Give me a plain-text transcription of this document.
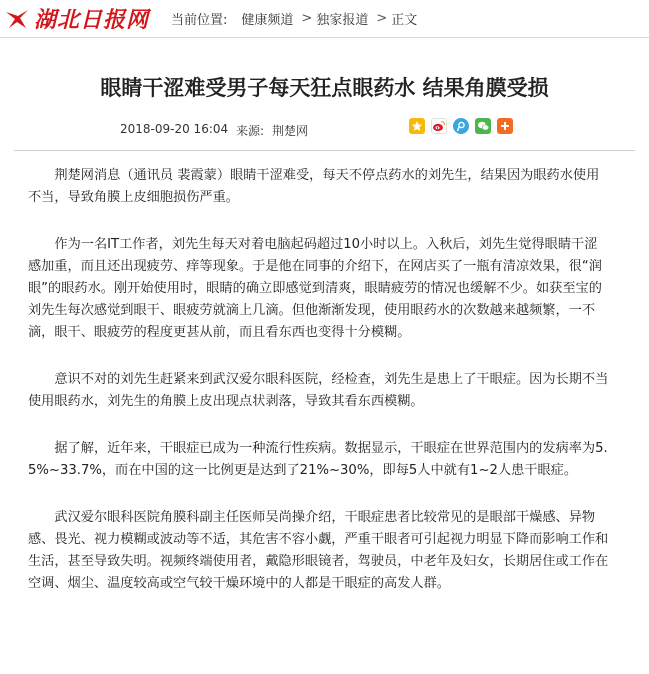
湖北日报网 当前位置: 健康频道 > 独家报道 > 正文
眼睛干涩难受男子每天狂点眼药水 结果角膜受损
2018-09-20 16:04 来源: 荆楚网

荆楚网消息（通讯员 裴霞蒙）眼睛干涩难受，每天不停点药水的刘先生，结果因为眼药水使用不当，导致角膜上皮细胞损伤严重。

作为一名IT工作者，刘先生每天对着电脑起码超过10小时以上。入秋后，刘先生觉得眼睛干涩感加重，而且还出现疲劳、痒等现象。于是他在同事的介绍下，在网店买了一瓶有清凉效果，很“润眼”的眼药水。刚开始使用时，眼睛的确立即感觉到清爽，眼睛疲劳的情况也缓解不少。如获至宝的刘先生每次感觉到眼干、眼疲劳就滴上几滴。但他渐渐发现，使用眼药水的次数越来越频繁，一不滴，眼干、眼疲劳的程度更甚从前，而且看东西也变得十分模糊。

意识不对的刘先生赶紧来到武汉爱尔眼科医院，经检查，刘先生是患上了干眼症。因为长期不当使用眼药水，刘先生的角膜上皮出现点状剥落，导致其看东西模糊。

据了解，近年来，干眼症已成为一种流行性疾病。数据显示，干眼症在世界范围内的发病率为5.5%~33.7%，而在中国的这一比例更是达到了21%~30%，即每5人中就有1~2人患干眼症。

武汉爱尔眼科医院角膜科副主任医师吴尚操介绍，干眼症患者比较常见的是眼部干燥感、异物感、畏光、视力模糊或波动等不适，其危害不容小觑，严重干眼者可引起视力明显下降而影响工作和生活，甚至导致失明。视频终端使用者，戴隐形眼镜者，驾驶员，中老年及妇女，长期居住或工作在空调、烟尘、温度较高或空气较干燥环境中的人都是干眼症的高发人群。
